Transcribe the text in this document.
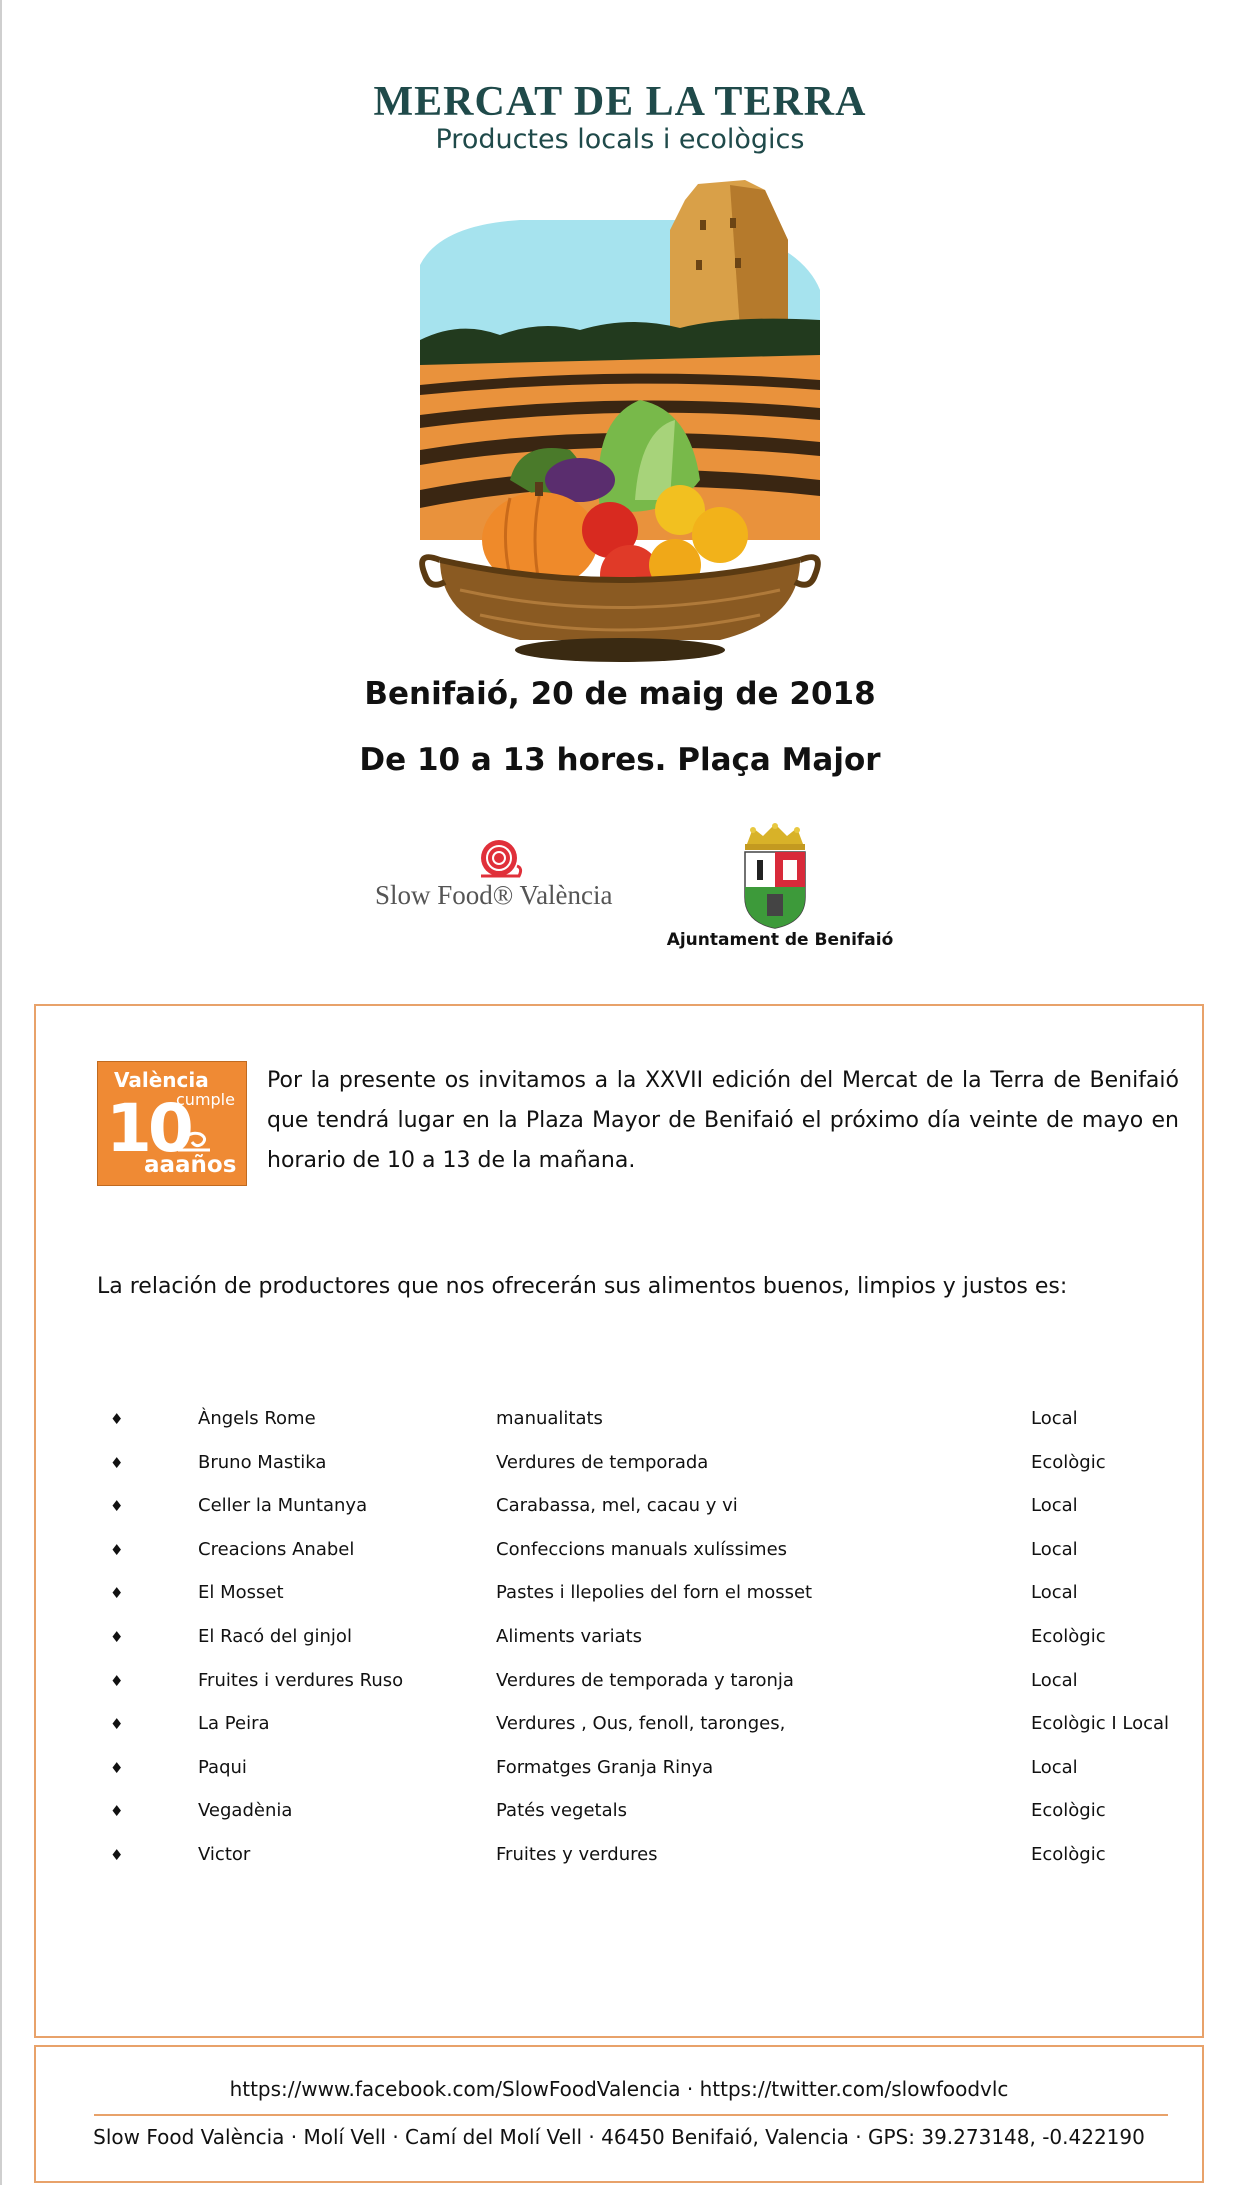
MERCAT DE LA TERRA
Productes locals i ecològics
Benifaió, 20 de maig de 2018
De 10 a 13 hores. Plaça Major
Slow Food® València
Ajuntament de Benifaió
València
cumple
10
aaaños
Por la presente os invitamos a la XXVII edición del Mercat de la Terra de Benifaió que tendrá lugar en la Plaza Mayor de Benifaió el próximo día veinte de mayo en horario de 10 a 13 de la mañana.
La relación de productores que nos ofrecerán sus alimentos buenos, limpios y justos es:
♦	Àngels Rome	manualitats	Local
♦	Bruno Mastika	Verdures de temporada	Ecològic
♦	Celler la Muntanya	Carabassa, mel, cacau y vi	Local
♦	Creacions Anabel	Confeccions manuals xulíssimes	Local
♦	El Mosset	Pastes i llepolies del forn el mosset	Local
♦	El Racó del ginjol	Aliments variats	Ecològic
♦	Fruites i verdures Ruso	Verdures de temporada y taronja	Local
♦	La Peira	Verdures , Ous, fenoll, taronges,	Ecològic I Local
♦	Paqui	Formatges Granja Rinya	Local
♦	Vegadènia	Patés vegetals	Ecològic
♦	Victor	Fruites y verdures	Ecològic
https://www.facebook.com/SlowFoodValencia · https://twitter.com/slowfoodvlc
Slow Food València · Molí Vell · Camí del Molí Vell · 46450 Benifaió, Valencia · GPS: 39.273148, -0.422190
